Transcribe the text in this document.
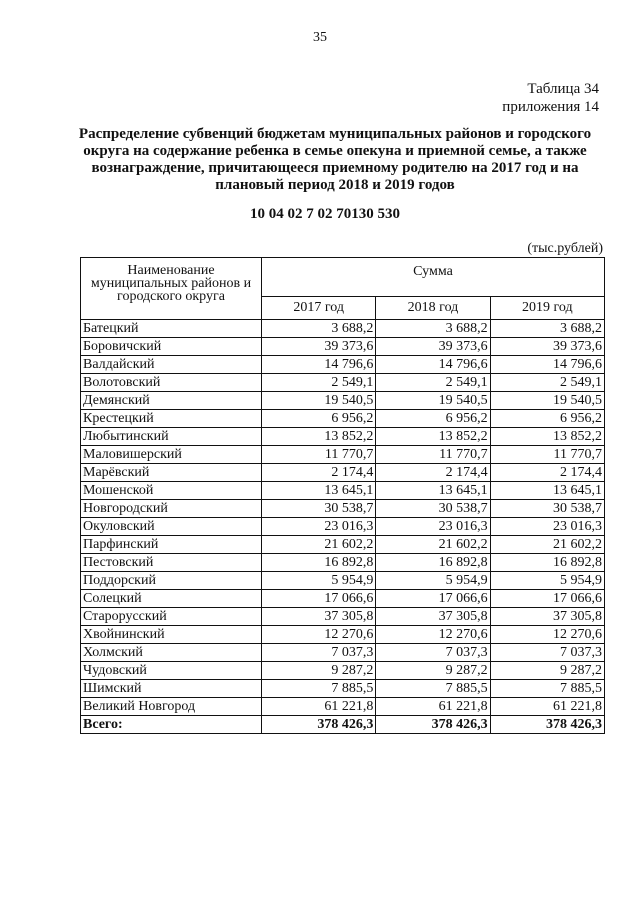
35
Таблица 34
приложения 14
Распределение субвенций бюджетам муниципальных районов и городского округа на содержание ребенка в семье опекуна и приемной семье, а также вознаграждение, причитающееся приемному родителю на 2017 год и на плановый период 2018 и 2019 годов
10 04 02 7 02 70130 530
(тыс.рублей)
Наименование муниципальных районов и городского округа	Сумма		
	2017 год	2018 год	2019 год
Батецкий	3 688,2	3 688,2	3 688,2
Боровичский	39 373,6	39 373,6	39 373,6
Валдайский	14 796,6	14 796,6	14 796,6
Волотовский	2 549,1	2 549,1	2 549,1
Демянский	19 540,5	19 540,5	19 540,5
Крестецкий	6 956,2	6 956,2	6 956,2
Любытинский	13 852,2	13 852,2	13 852,2
Маловишерский	11 770,7	11 770,7	11 770,7
Марёвский	2 174,4	2 174,4	2 174,4
Мошенской	13 645,1	13 645,1	13 645,1
Новгородский	30 538,7	30 538,7	30 538,7
Окуловский	23 016,3	23 016,3	23 016,3
Парфинский	21 602,2	21 602,2	21 602,2
Пестовский	16 892,8	16 892,8	16 892,8
Поддорский	5 954,9	5 954,9	5 954,9
Солецкий	17 066,6	17 066,6	17 066,6
Старорусский	37 305,8	37 305,8	37 305,8
Хвойнинский	12 270,6	12 270,6	12 270,6
Холмский	7 037,3	7 037,3	7 037,3
Чудовский	9 287,2	9 287,2	9 287,2
Шимский	7 885,5	7 885,5	7 885,5
Великий Новгород	61 221,8	61 221,8	61 221,8
Всего:	378 426,3	378 426,3	378 426,3
